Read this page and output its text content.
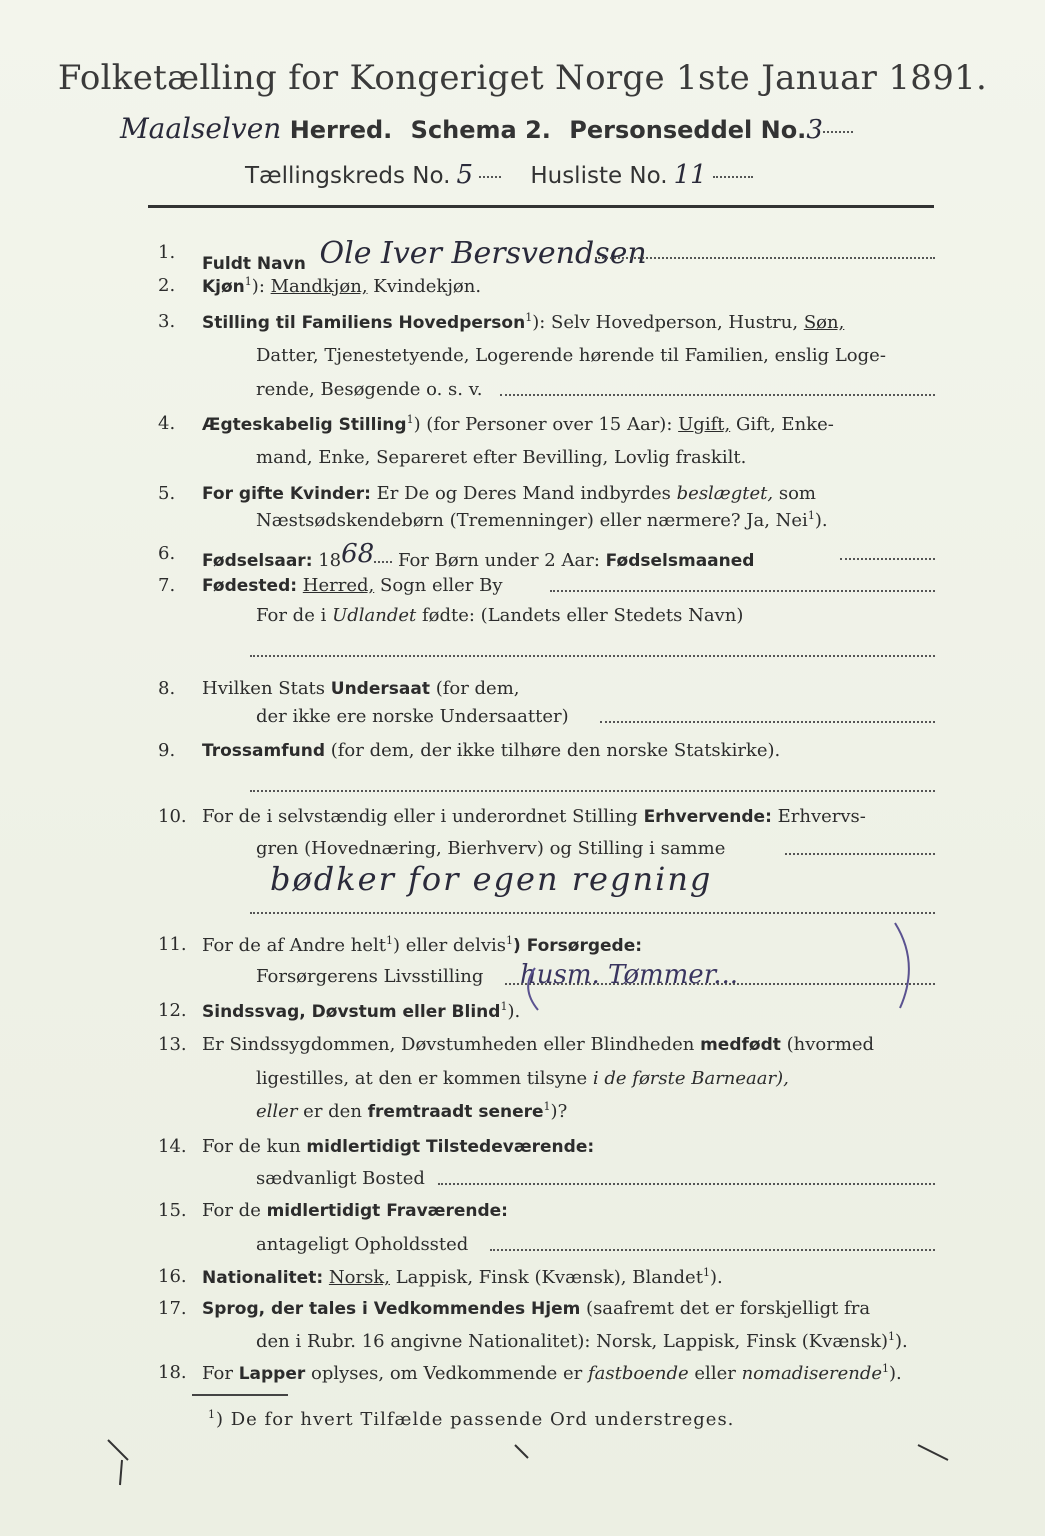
Folketælling for Kongeriget Norge 1ste Januar 1891.
Maalselven Herred. Schema 2. Personseddel No.3
Tællingskreds No. 5 Husliste No. 11
1.
Fuldt Navn Ole Iver Bersvendsen
2.	Kjøn$^1$): Mandkjøn, Kvindekjøn.
3.	Stilling til Familiens Hovedperson$^1$): Selv Hovedperson, Hustru, Søn,
Datter, Tjenestetyende, Logerende hørende til Familien, enslig Loge-
rende, Besøgende o. s. v.
4.	Ægteskabelig Stilling$^1$) (for Personer over 15 Aar): Ugift, Gift, Enke-
mand, Enke, Separeret efter Bevilling, Lovlig fraskilt.
5.	For gifte Kvinder: Er De og Deres Mand indbyrdes beslægtet, som
Næstsødskendebørn (Tremenninger) eller nærmere? Ja, Nei$^1$).
6.	Fødselsaar: 1868 For Børn under 2 Aar: Fødselsmaaned
7.	Fødested: Herred, Sogn eller By
For de i Udlandet fødte: (Landets eller Stedets Navn)
8.	Hvilken Stats Undersaat (for dem,
der ikke ere norske Undersaatter)
9.	Trossamfund (for dem, der ikke tilhøre den norske Statskirke).
10. For de i selvstændig eller i underordnet Stilling Erhvervende: Erhvervs-
gren (Hovednæring, Bierhverv) og Stilling i samme
bødker for egen regning
11. For de af Andre helt$^1$) eller delvis$^1$) Forsørgede:
Forsørgerens Livsstilling husm. Tømmer...
12. Sindssvag, Døvstum eller Blind$^1$).
13. Er Sindssygdommen, Døvstumheden eller Blindheden medfødt (hvormed
ligestilles, at den er kommen tilsyne i de første Barneaar),
eller er den fremtraadt senere$^1$)?
14. For de kun midlertidigt Tilstedeværende:
sædvanligt Bosted
15. For de midlertidigt Fraværende:
antageligt Opholdssted
16. Nationalitet: Norsk, Lappisk, Finsk (Kvænsk), Blandet$^1$).
17. Sprog, der tales i Vedkommendes Hjem (saafremt det er forskjelligt fra
den i Rubr. 16 angivne Nationalitet): Norsk, Lappisk, Finsk (Kvænsk)$^1$).
18. For Lapper oplyses, om Vedkommende er fastboende eller nomadiserende$^1$).
$^1$) De for hvert Tilfælde passende Ord understreges.
